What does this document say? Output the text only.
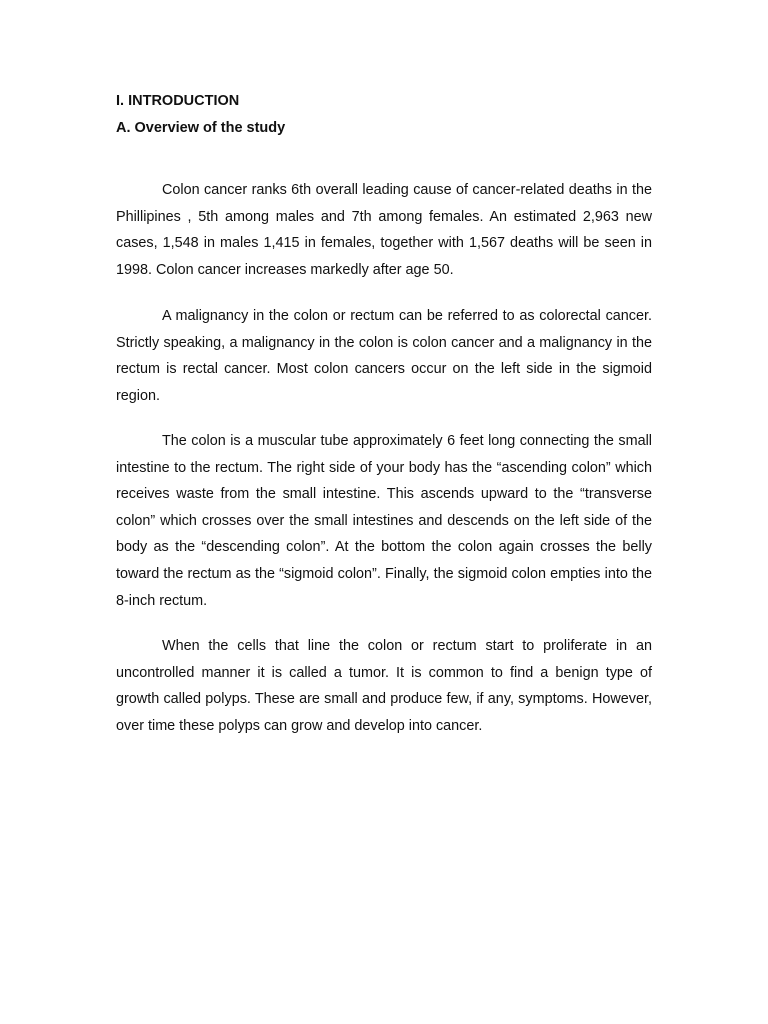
I. INTRODUCTION
A. Overview of the study

Colon cancer ranks 6th overall leading cause of cancer-related deaths in the Phillipines , 5th among males and 7th among females. An estimated 2,963 new cases, 1,548 in males 1,415 in females, together with 1,567 deaths will be seen in 1998. Colon cancer increases markedly after age 50.

A malignancy in the colon or rectum can be referred to as colorectal cancer. Strictly speaking, a malignancy in the colon is colon cancer and a malignancy in the rectum is rectal cancer. Most colon cancers occur on the left side in the sigmoid region.

The colon is a muscular tube approximately 6 feet long connecting the small intestine to the rectum. The right side of your body has the “ascending colon” which receives waste from the small intestine. This ascends upward to the “transverse colon” which crosses over the small intestines and descends on the left side of the body as the “descending colon”. At the bottom the colon again crosses the belly toward the rectum as the “sigmoid colon”. Finally, the sigmoid colon empties into the 8-inch rectum.

When the cells that line the colon or rectum start to proliferate in an uncontrolled manner it is called a tumor. It is common to find a benign type of growth called polyps. These are small and produce few, if any, symptoms. However, over time these polyps can grow and develop into cancer.
